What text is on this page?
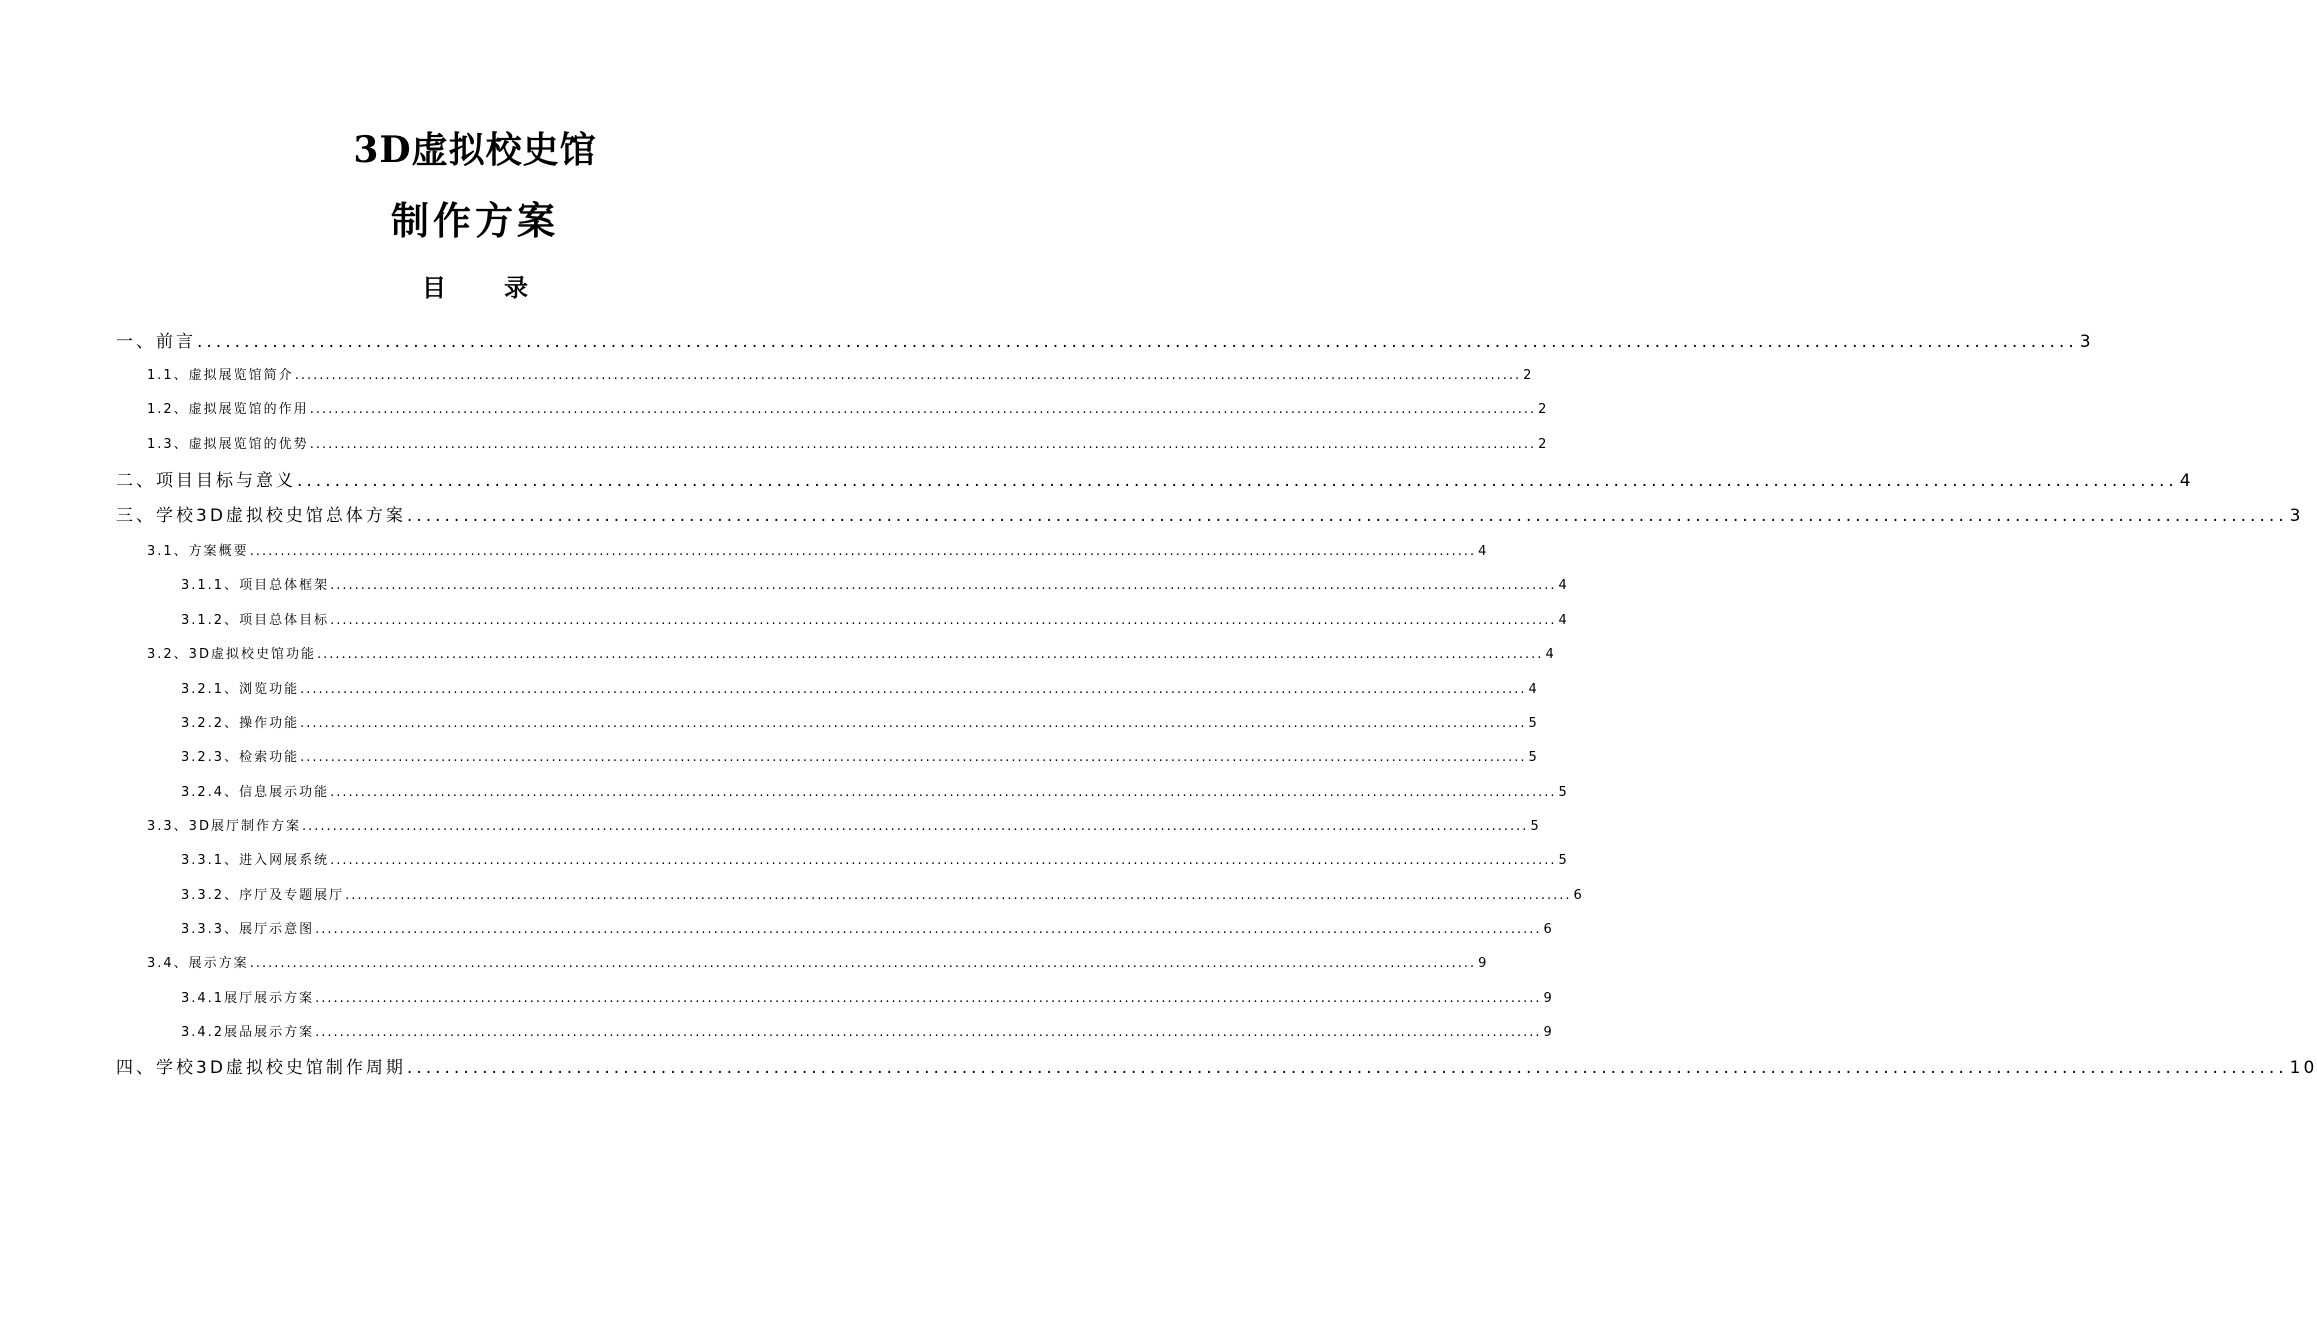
3D虚拟校史馆
制作方案
目 录
一、前言 ........................................................................................................................................................................................................ 3
1.1、虚拟展览馆简介 ........................................................................................................................................................................................................ 2
1.2、虚拟展览馆的作用 ........................................................................................................................................................................................................ 2
1.3、虚拟展览馆的优势 ........................................................................................................................................................................................................ 2
二、项目目标与意义 ........................................................................................................................................................................................................ 4
三、学校3D虚拟校史馆总体方案 ........................................................................................................................................................................................................ 3
3.1、方案概要 ........................................................................................................................................................................................................ 4
3.1.1、项目总体框架 ........................................................................................................................................................................................................ 4
3.1.2、项目总体目标 ........................................................................................................................................................................................................ 4
3.2、3D虚拟校史馆功能 ........................................................................................................................................................................................................ 4
3.2.1、浏览功能 ........................................................................................................................................................................................................ 4
3.2.2、操作功能 ........................................................................................................................................................................................................ 5
3.2.3、检索功能 ........................................................................................................................................................................................................ 5
3.2.4、信息展示功能 ........................................................................................................................................................................................................ 5
3.3、3D展厅制作方案 ........................................................................................................................................................................................................ 5
3.3.1、进入网展系统 ........................................................................................................................................................................................................ 5
3.3.2、序厅及专题展厅 ........................................................................................................................................................................................................ 6
3.3.3、展厅示意图 ........................................................................................................................................................................................................ 6
3.4、展示方案 ........................................................................................................................................................................................................ 9
3.4.1展厅展示方案 ........................................................................................................................................................................................................ 9
3.4.2展品展示方案 ........................................................................................................................................................................................................ 9
四、学校3D虚拟校史馆制作周期 ........................................................................................................................................................................................................ 10
